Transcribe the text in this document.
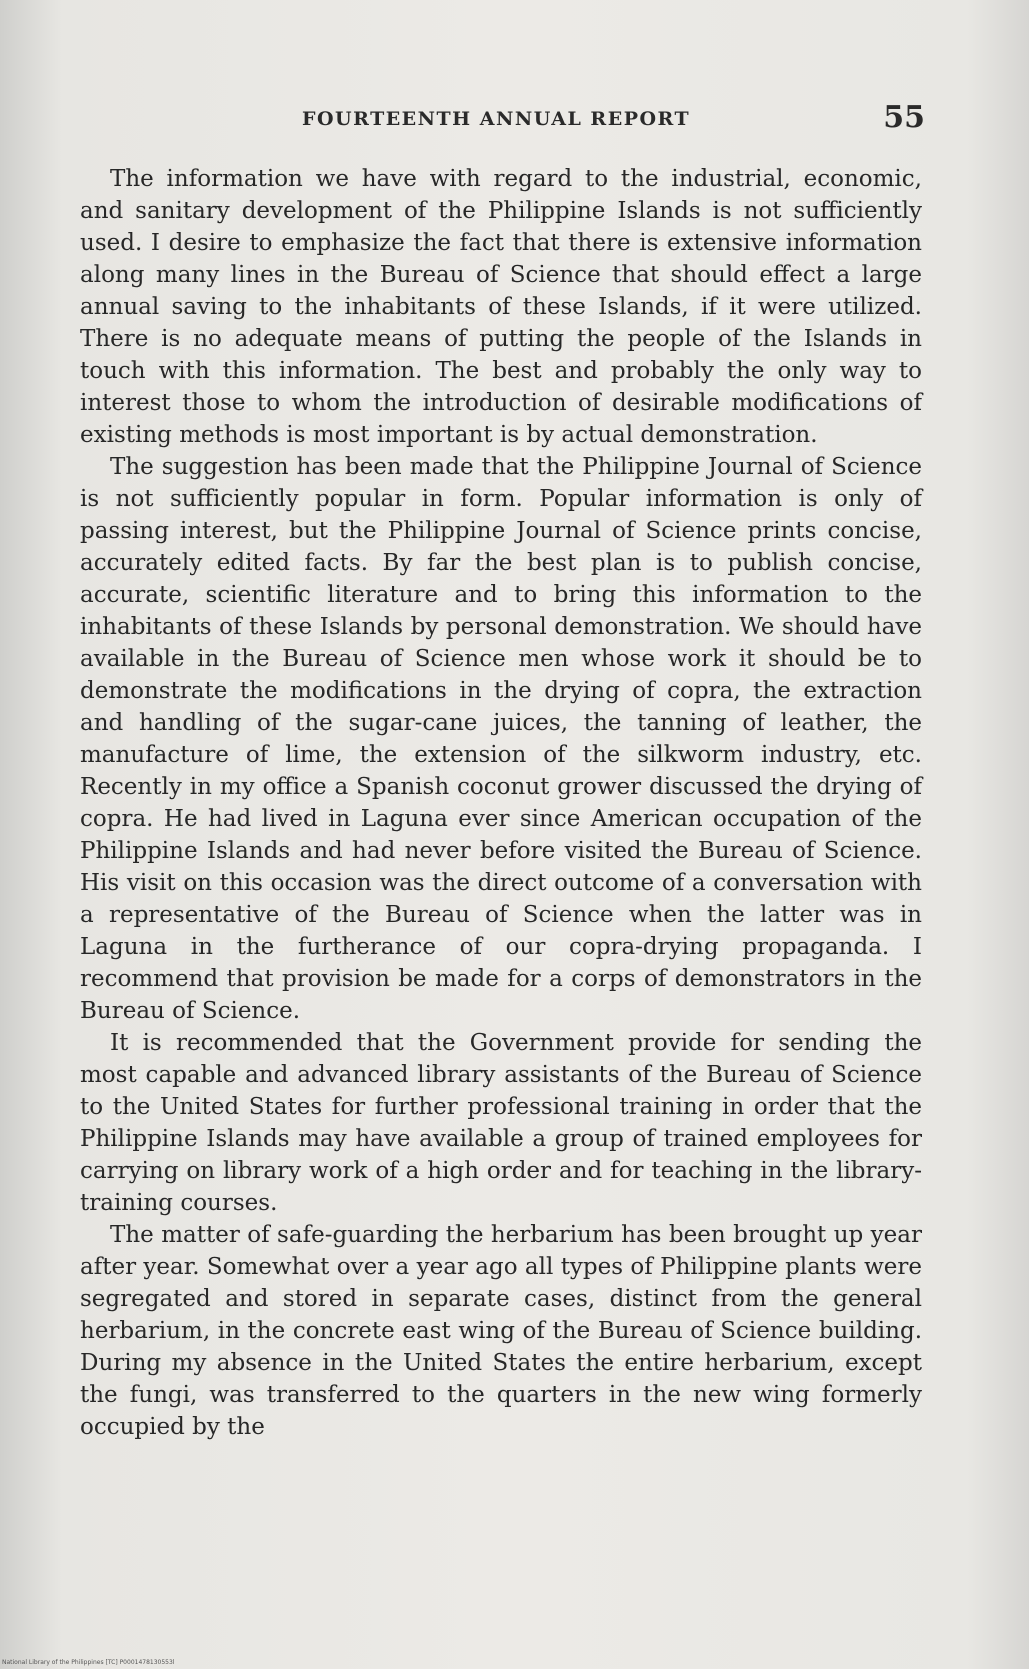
FOURTEENTH ANNUAL REPORT	55

The information we have with regard to the industrial, economic, and sanitary development of the Philippine Islands is not sufficiently used. I desire to emphasize the fact that there is extensive information along many lines in the Bureau of Science that should effect a large annual saving to the inhabitants of these Islands, if it were utilized. There is no adequate means of putting the people of the Islands in touch with this information. The best and probably the only way to interest those to whom the introduction of desirable modifications of existing methods is most important is by actual demonstration.

The suggestion has been made that the Philippine Journal of Science is not sufficiently popular in form. Popular information is only of passing interest, but the Philippine Journal of Science prints concise, accurately edited facts. By far the best plan is to publish concise, accurate, scientific literature and to bring this information to the inhabitants of these Islands by personal demonstration. We should have available in the Bureau of Science men whose work it should be to demonstrate the modifications in the drying of copra, the extraction and handling of the sugar-cane juices, the tanning of leather, the manufacture of lime, the extension of the silkworm industry, etc. Recently in my office a Spanish coconut grower discussed the drying of copra. He had lived in Laguna ever since American occupation of the Philippine Islands and had never before visited the Bureau of Science. His visit on this occasion was the direct outcome of a conversation with a representative of the Bureau of Science when the latter was in Laguna in the furtherance of our copra-drying propaganda. I recommend that provision be made for a corps of demonstrators in the Bureau of Science.

It is recommended that the Government provide for sending the most capable and advanced library assistants of the Bureau of Science to the United States for further professional training in order that the Philippine Islands may have available a group of trained employees for carrying on library work of a high order and for teaching in the library-training courses.

The matter of safe-guarding the herbarium has been brought up year after year. Somewhat over a year ago all types of Philippine plants were segregated and stored in separate cases, distinct from the general herbarium, in the concrete east wing of the Bureau of Science building. During my absence in the United States the entire herbarium, except the fungi, was transferred to the quarters in the new wing formerly occupied by the

National Library of the Philippines [TC] P0001478130553l
